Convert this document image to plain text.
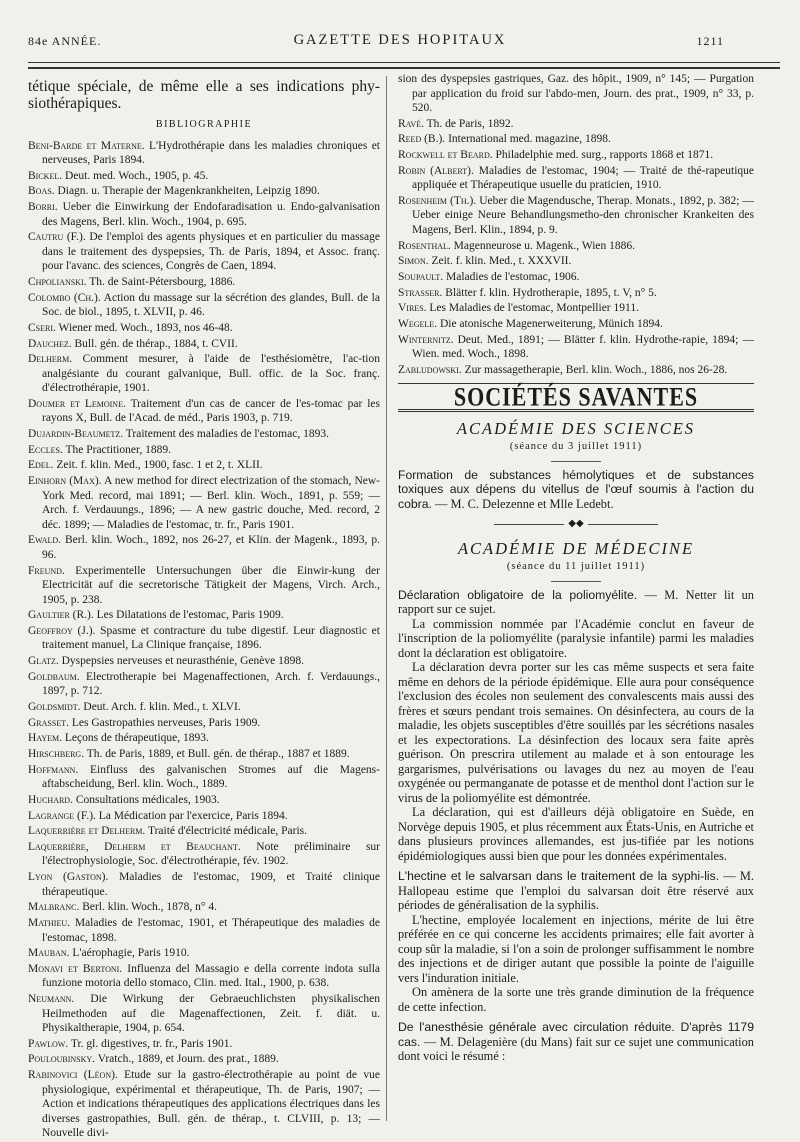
84e ANNÉE.	GAZETTE DES HOPITAUX	1211

tétique spéciale, de même elle a ses indications phy-siothérapiques.

BIBLIOGRAPHIE

Beni-Barde et Materne. L'Hydrothérapie dans les maladies chroniques et nerveuses, Paris 1894.

Bickel. Deut. med. Woch., 1905, p. 45.

Boas. Diagn. u. Therapie der Magenkrankheiten, Leipzig 1890.

Borri. Ueber die Einwirkung der Endofaradisation u. Endo-galvanisation des Magens, Berl. klin. Woch., 1904, p. 695.

Cautru (F.). De l'emploi des agents physiques et en particulier du massage dans le traitement des dyspepsies, Th. de Paris, 1894, et Assoc. franç. pour l'avanc. des sciences, Congrès de Caen, 1894.

Chpolianski. Th. de Saint-Pétersbourg, 1886.

Colombo (Ch.). Action du massage sur la sécrétion des glandes, Bull. de la Soc. de biol., 1895, t. XLVII, p. 46.

Cseri. Wiener med. Woch., 1893, nos 46-48.

Dauchez. Bull. gén. de thérap., 1884, t. CVII.

Delherm. Comment mesurer, à l'aide de l'esthésiomètre, l'ac-tion analgésiante du courant galvanique, Bull. offic. de la Soc. franç. d'électrothérapie, 1901.

Doumer et Lemoine. Traitement d'un cas de cancer de l'es-tomac par les rayons X, Bull. de l'Acad. de méd., Paris 1903, p. 719.

Dujardin-Beaumetz. Traitement des maladies de l'estomac, 1893.

Eccles. The Practitioner, 1889.

Edel. Zeit. f. klin. Med., 1900, fasc. 1 et 2, t. XLII.

Einhorn (Max). A new method for direct electrization of the stomach, New-York Med. record, mai 1891; — Berl. klin. Woch., 1891, p. 559; — Arch. f. Verdauungs., 1896; — A new gastric douche, Med. record, 2 déc. 1899; — Maladies de l'estomac, tr. fr., Paris 1901.

Ewald. Berl. klin. Woch., 1892, nos 26-27, et Klin. der Magenk., 1893, p. 96.

Freund. Experimentelle Untersuchungen über die Einwir-kung der Electricität auf die secretorische Tätigkeit der Magens, Virch. Arch., 1905, p. 238.

Gaultier (R.). Les Dilatations de l'estomac, Paris 1909.

Geoffroy (J.). Spasme et contracture du tube digestif. Leur diagnostic et traitement manuel, La Clinique française, 1896.

Glatz. Dyspepsies nerveuses et neurasthénie, Genève 1898.

Goldbaum. Electrotherapie bei Magenaffectionen, Arch. f. Verdauungs., 1897, p. 712.

Goldsmidt. Deut. Arch. f. klin. Med., t. XLVI.

Grasset. Les Gastropathies nerveuses, Paris 1909.

Hayem. Leçons de thérapeutique, 1893.

Hirschberg. Th. de Paris, 1889, et Bull. gén. de thérap., 1887 et 1889.

Hoffmann. Einfluss des galvanischen Stromes auf die Magens-aftabscheidung, Berl. klin. Woch., 1889.

Huchard. Consultations médicales, 1903.

Lagrange (F.). La Médication par l'exercice, Paris 1894.

Laquerrière et Delherm. Traité d'électricité médicale, Paris.

Laquerrière, Delherm et Beauchant. Note préliminaire sur l'électrophysiologie, Soc. d'électrothérapie, fév. 1902.

Lyon (Gaston). Maladies de l'estomac, 1909, et Traité clinique thérapeutique.

Malbranc. Berl. klin. Woch., 1878, n° 4.

Mathieu. Maladies de l'estomac, 1901, et Thérapeutique des maladies de l'estomac, 1898.

Mauban. L'aérophagie, Paris 1910.

Monavi et Bertoni. Influenza del Massagio e della corrente indota sulla funzione motoria dello stomaco, Clin. med. Ital., 1900, p. 638.

Neumann. Die Wirkung der Gebraeuchlichsten physikalischen Heilmethoden auf die Magenaffectionen, Zeit. f. diät. u. Physikaltherapie, 1904, p. 654.

Pawlow. Tr. gl. digestives, tr. fr., Paris 1901.

Pouloubinsky. Vratch., 1889, et Journ. des prat., 1889.

Rabinovici (Léon). Etude sur la gastro-électrothérapie au point de vue physiologique, expérimental et thérapeutique, Th. de Paris, 1907; — Action et indications thérapeutiques des applications électriques dans les diverses gastropathies, Bull. gén. de thérap., t. CLVIII, p. 13; — Nouvelle divi-

sion des dyspepsies gastriques, Gaz. des hôpit., 1909, n° 145; — Purgation par application du froid sur l'abdo-men, Journ. des prat., 1909, n° 33, p. 520.

Ravé. Th. de Paris, 1892.

Reed (B.). International med. magazine, 1898.

Rockwell et Beard. Philadelphie med. surg., rapports 1868 et 1871.

Robin (Albert). Maladies de l'estomac, 1904; — Traité de thé-rapeutique appliquée et Thérapeutique usuelle du praticien, 1910.

Rosenheim (Th.). Ueber die Magendusche, Therap. Monats., 1892, p. 382; — Ueber einige Neure Behandlungsmetho-den chronischer Krankeiten des Magens, Berl. Klin., 1894, p. 9.

Rosenthal. Magenneurose u. Magenk., Wien 1886.

Simon. Zeit. f. klin. Med., t. XXXVII.

Soupault. Maladies de l'estomac, 1906.

Strasser. Blätter f. klin. Hydrotherapie, 1895, t. V, n° 5.

Vires. Les Maladies de l'estomac, Montpellier 1911.

Wegele. Die atonische Magenerweiterung, Münich 1894.

Winternitz. Deut. Med., 1891; — Blätter f. klin. Hydrothe-rapie, 1894; — Wien. med. Woch., 1898.

Zabludowski. Zur massagetherapie, Berl. klin. Woch., 1886, nos 26-28.

SOCIÉTÉS SAVANTES
ACADÉMIE DES SCIENCES
(séance du 3 juillet 1911)

Formation de substances hémolytiques et de substances toxiques aux dépens du vitellus de l'œuf soumis à l'action du cobra. — M. C. Delezenne et Mlle Ledebt.

◆◆
ACADÉMIE DE MÉDECINE
(séance du 11 juillet 1911)

Déclaration obligatoire de la poliomyélite. — M. Netter lit un rapport sur ce sujet.

La commission nommée par l'Académie conclut en faveur de l'inscription de la poliomyélite (paralysie infantile) parmi les maladies dont la déclaration est obligatoire.

La déclaration devra porter sur les cas même suspects et sera faite même en dehors de la période épidémique. Elle aura pour conséquence l'exclusion des écoles non seulement des convalescents mais aussi des frères et sœurs pendant trois semaines. On désinfectera, au cours de la maladie, les objets susceptibles d'être souillés par les sécrétions nasales et les expectorations. La désinfection des locaux sera faite après guérison. On prescrira utilement au malade et à son entourage les gargarismes, pulvérisations ou lavages du nez au moyen de l'eau oxygénée ou permanganate de potasse et de menthol dont l'action sur le virus de la poliomyélite est démontrée.

La déclaration, qui est d'ailleurs déjà obligatoire en Suède, en Norvège depuis 1905, et plus récemment aux États-Unis, en Autriche et dans plusieurs provinces allemandes, est jus-tifiée par les notions épidémiologiques aussi bien que pour les données expérimentales.

L'hectine et le salvarsan dans le traitement de la syphi-lis. — M. Hallopeau estime que l'emploi du salvarsan doit être réservé aux périodes de généralisation de la syphilis.

L'hectine, employée localement en injections, mérite de lui être préférée en ce qui concerne les accidents primaires; elle fait avorter à coup sûr la maladie, si l'on a soin de prolonger suffisamment le nombre des injections et de diriger autant que possible la pointe de l'aiguille vers l'induration initiale.

On amènera de la sorte une très grande diminution de la fréquence de cette infection.

De l'anesthésie générale avec circulation réduite. D'après 1179 cas. — M. Delagenière (du Mans) fait sur ce sujet une communication dont voici le résumé :
